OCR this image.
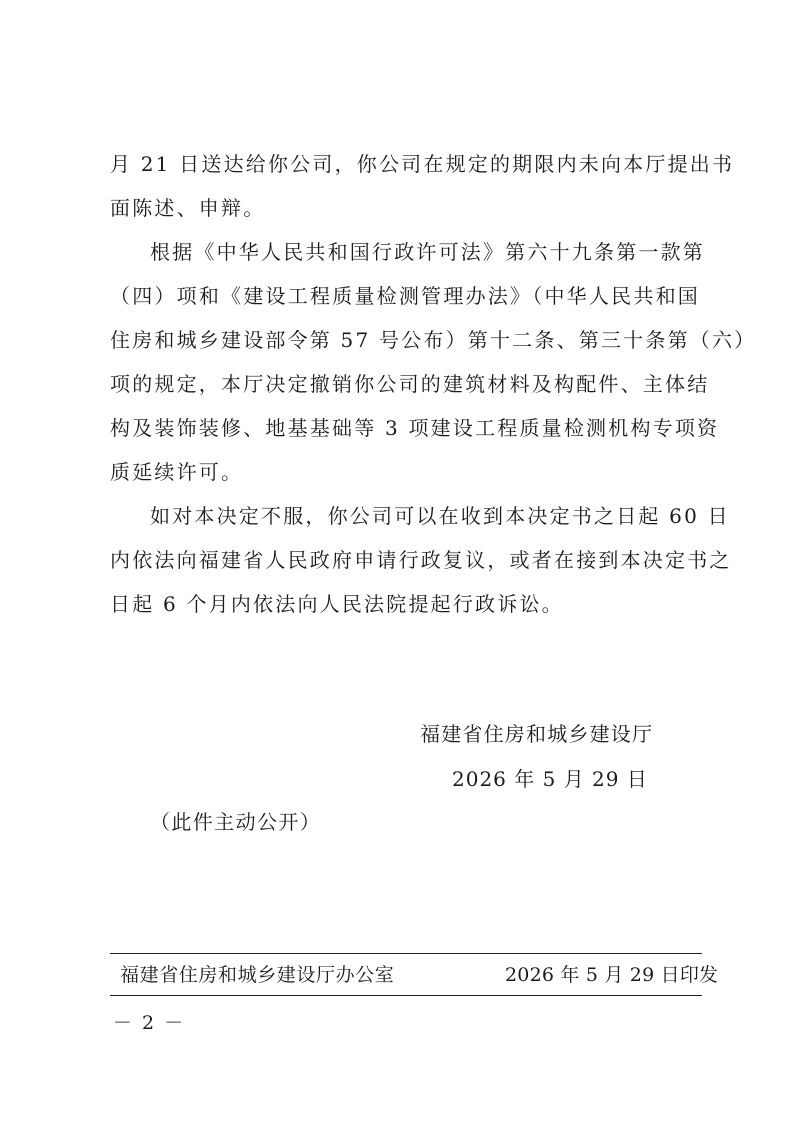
月 21 日送达给你公司，你公司在规定的期限内未向本厅提出书
面陈述、申辩。
根据《中华人民共和国行政许可法》第六十九条第一款第
（四）项和《建设工程质量检测管理办法》（中华人民共和国
住房和城乡建设部令第 57 号公布）第十二条、第三十条第（六）
项的规定，本厅决定撤销你公司的建筑材料及构配件、主体结
构及装饰装修、地基基础等 3 项建设工程质量检测机构专项资
质延续许可。
如对本决定不服，你公司可以在收到本决定书之日起 60 日
内依法向福建省人民政府申请行政复议，或者在接到本决定书之
日起 6 个月内依法向人民法院提起行政诉讼。
福建省住房和城乡建设厅
2026 年 5 月 29 日
（此件主动公开）
福建省住房和城乡建设厅办公室	2026 年 5 月 29 日印发
－ 2 －
